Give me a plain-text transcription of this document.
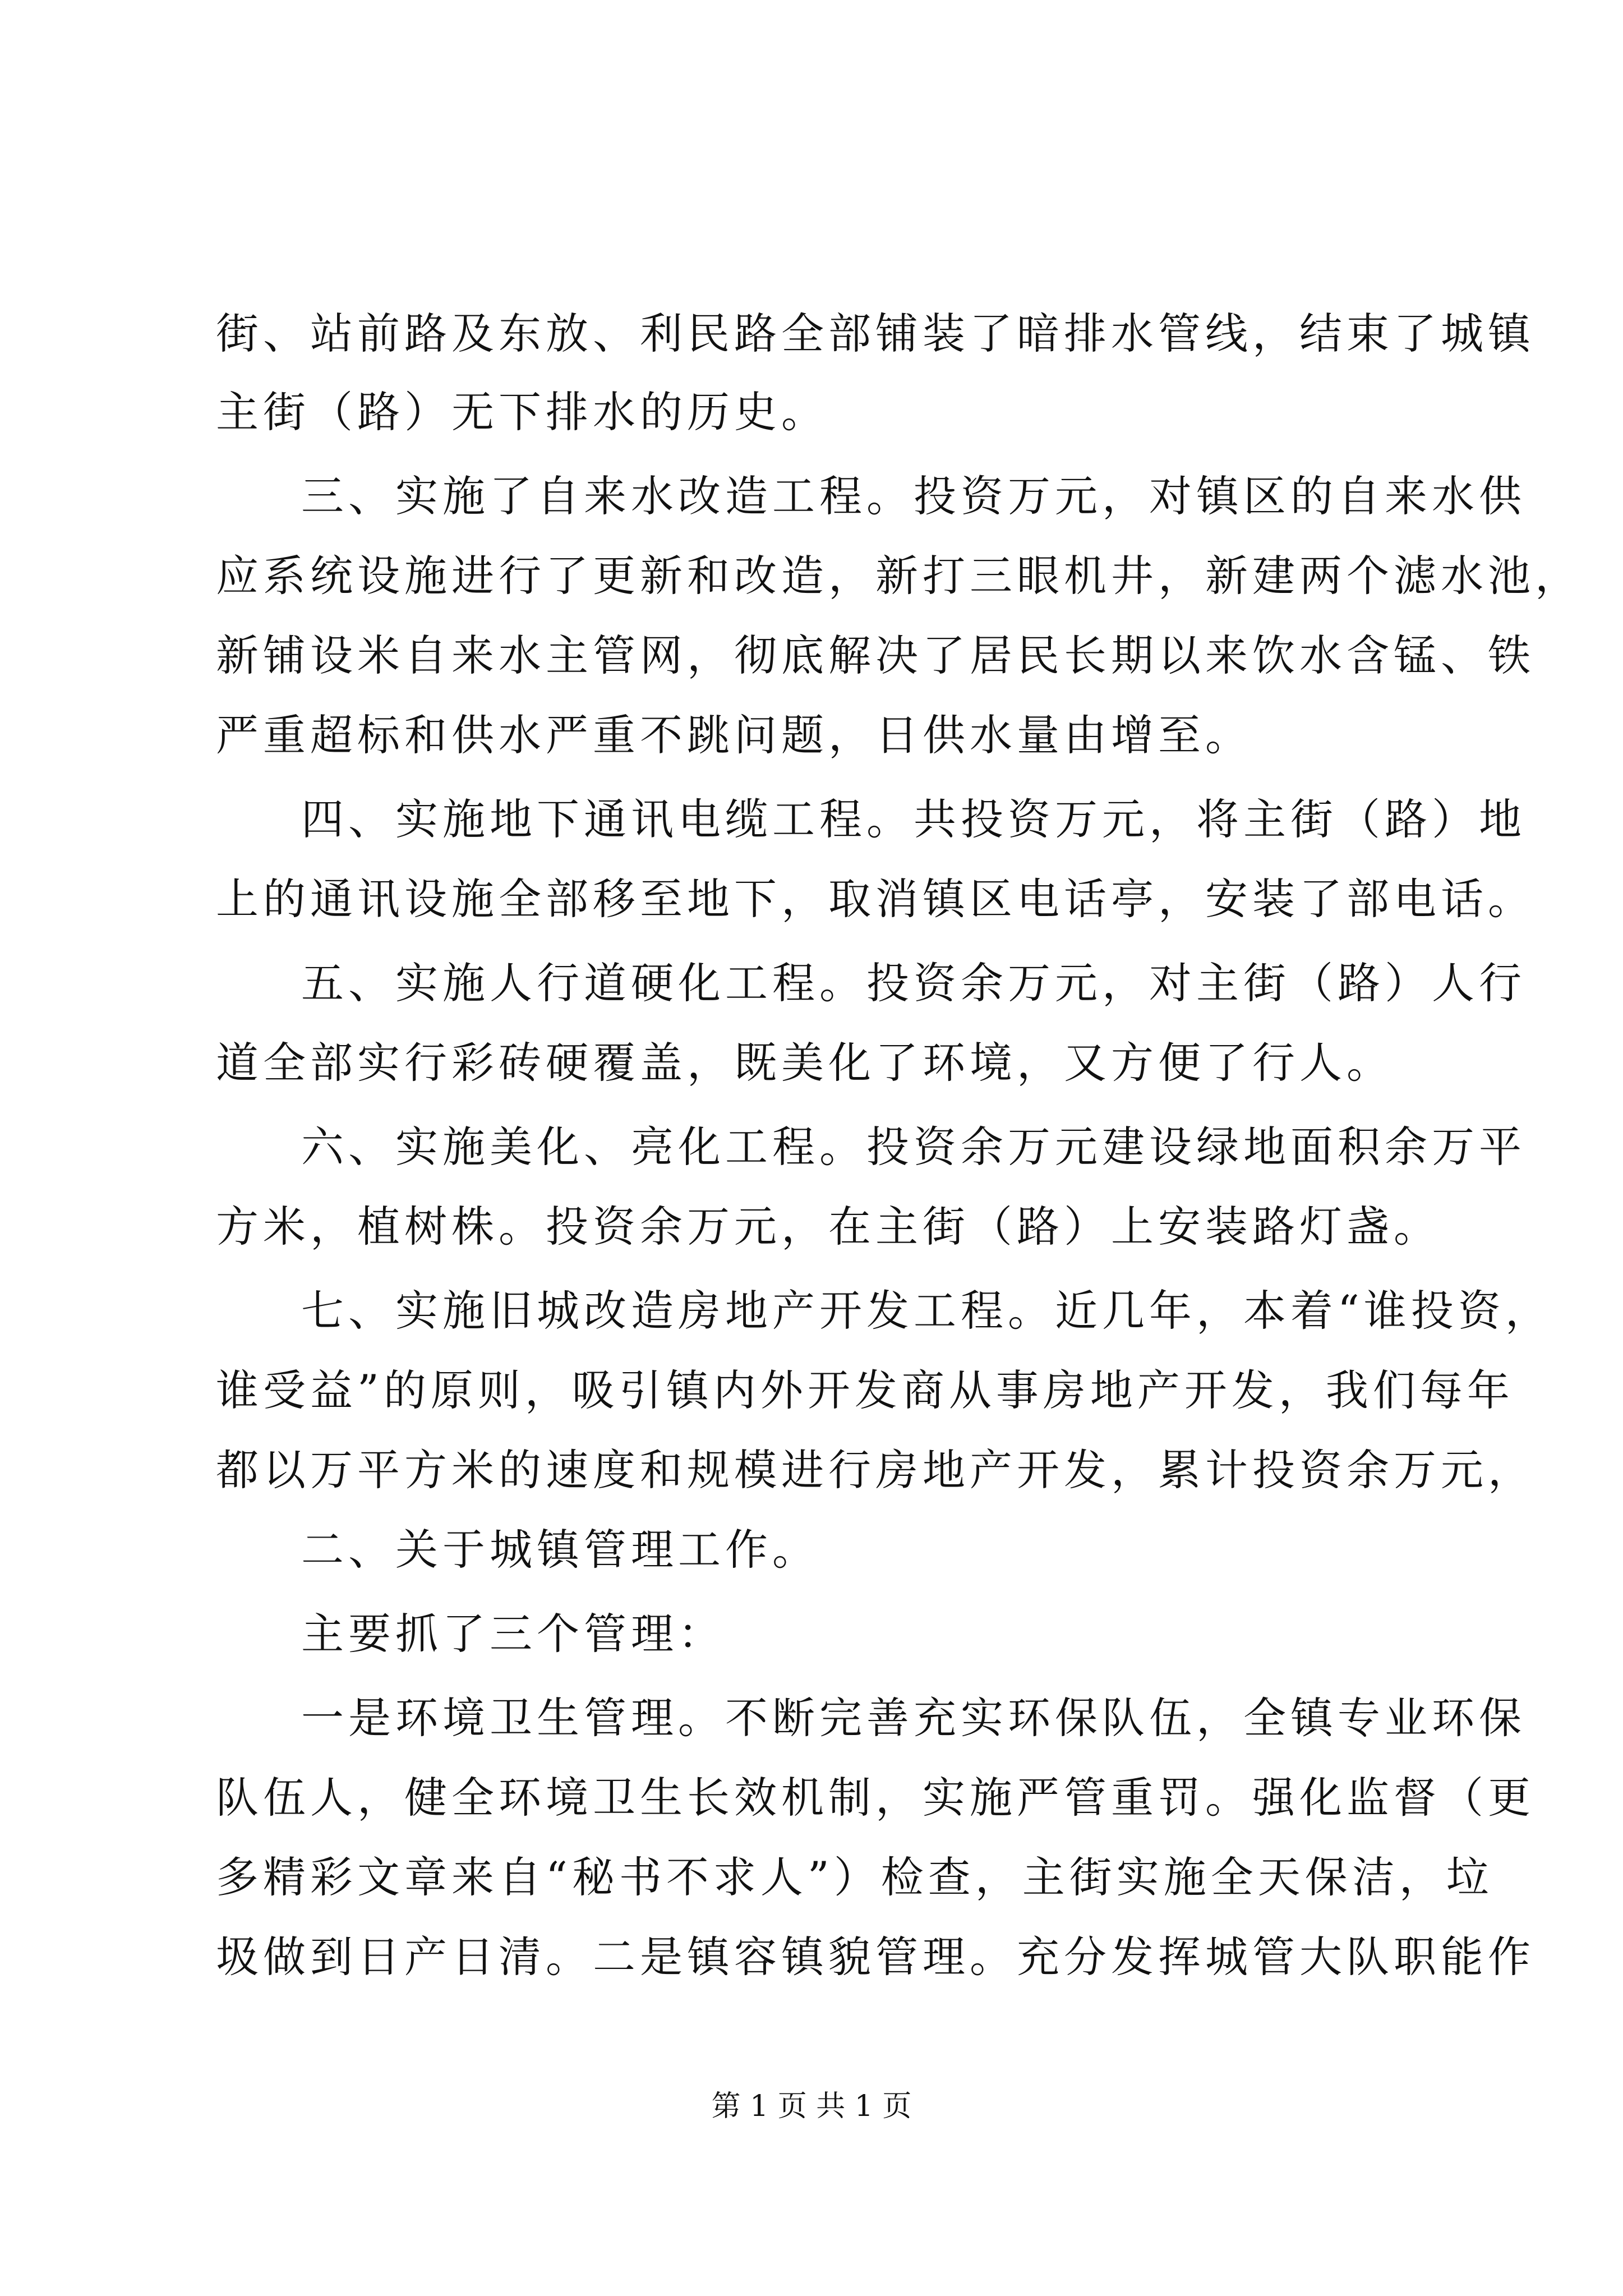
街、站前路及东放、利民路全部铺装了暗排水管线，结束了城镇
主街（路）无下排水的历史。
三、实施了自来水改造工程。投资万元，对镇区的自来水供
应系统设施进行了更新和改造，新打三眼机井，新建两个滤水池，
新铺设米自来水主管网，彻底解决了居民长期以来饮水含锰、铁
严重超标和供水严重不跳问题，日供水量由增至。
四、实施地下通讯电缆工程。共投资万元，将主街（路）地
上的通讯设施全部移至地下，取消镇区电话亭，安装了部电话。
五、实施人行道硬化工程。投资余万元，对主街（路）人行
道全部实行彩砖硬覆盖，既美化了环境，又方便了行人。
六、实施美化、亮化工程。投资余万元建设绿地面积余万平
方米，植树株。投资余万元，在主街（路）上安装路灯盏。
七、实施旧城改造房地产开发工程。近几年，本着“谁投资，
谁受益”的原则，吸引镇内外开发商从事房地产开发，我们每年
都以万平方米的速度和规模进行房地产开发，累计投资余万元，
二、关于城镇管理工作。
主要抓了三个管理：
一是环境卫生管理。不断完善充实环保队伍，全镇专业环保
队伍人，健全环境卫生长效机制，实施严管重罚。强化监督（更
多精彩文章来自“秘书不求人”）检查，主街实施全天保洁，垃
圾做到日产日清。二是镇容镇貌管理。充分发挥城管大队职能作
第 1 页 共 1 页
